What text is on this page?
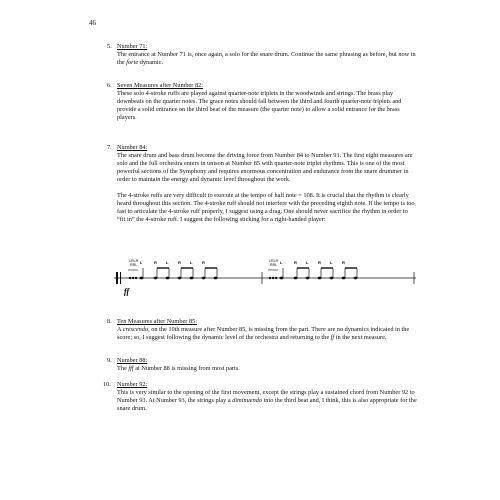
46
5. Number 71:

The entrance at Number 71 is, once again, a solo for the snare drum. Continue the same phrasing as before, but now in the forte dynamic.

6. Seven Measures after Number 82:

These solo 4-stroke ruffs are played against quarter-note triplets in the woodwinds and strings. The brass play downbeats on the quarter notes. The grace notes should fall between the third and fourth quarter-note triplets and provide a solid entrance on the third beat of the measure (the quarter note) to allow a solid entrance for the brass players.

7. Number 84:

The snare drum and bass drum become the driving force from Number 84 to Number 91. The first eight measures are solo and the full orchestra enters in unison at Number 85 with quarter-note triplet rhythms. This is one of the most powerful sections of the Symphony and requires enormous concentration and endurance from the snare drummer in order to maintain the energy and dynamic level throughout the work.

The 4-stroke ruffs are very difficult to execute at the tempo of half note = 108. It is crucial that the rhythm is clearly heard throughout this section. The 4-stroke ruff should not interfere with the preceding eighth note. If the tempo is too fast to articulate the 4-stroke ruff properly, I suggest using a drag. One should never sacrifice the rhythm in order to “fit in” the 4-stroke ruff. I suggest the following sticking for a right-handed player:

LRLR
RRL L	R L R L R
ff
LRLR
RRL L	R L R L R
8. Ten Measures after Number 85:

A crescendo, on the 10th measure after Number 85, is missing from the part. There are no dynamics indicated in the score; so, I suggest following the dynamic level of the orchestra and returning to the ff in the next measure.

9. Number 88:

The fff at Number 88 is missing from most parts.

10. Number 92:

This is very similar to the opening of the first movement, except the strings play a sustained chord from Number 92 to Number 93. At Number 93, the strings play a diminuendo into the third beat and, I think, this is also appropriate for the snare drum.
